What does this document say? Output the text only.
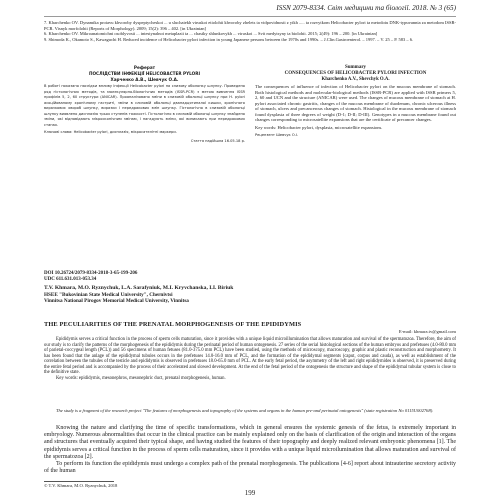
ISSN 2079-8334. Світ медицини та біології. 2018. № 3 (65)

7. Kharchenko OV. Dynamika proiavu khvoroby dyspeptycheskoi ... u sluchaiekh viruskoi etiolohii khvoroby zhelets ta vidpovidnosti z yikh ..... ta rozvytkom Helicobacter pylori ta metodoiu DNK-typuvannia za metodom ISSR-PCR. Visnyk morfolohii (Reports of Morphology). 2009; 15(2): 396 – 402. [in Ukrainian]

6. Kharchenko OV. Mikroanatomichni osoblyvosti ... intestynalnoi metaplazii ta ... chastky shlunkovykh ... viruskoi ... Svit medytsyny ta biolohii. 2015; 2(49): 196 – 200. [in Ukrainian]

9. Shimoda K., Okamoto S., Kawaguchi H. Reduced incidence of Helicobacter pylori infection in young Japanese persons between the 1970s and 1990s. – J.Clin.Gastroenterol. – 1997. – V. 25 – P. 583 – 6.

Реферат

ПОСЛІДСТВИ ІНФЕКЦІЇ HELICOBACTER PYLORI

Харченко А.В., Шевчук О.А.

В роботі показано наслідки впливу інфекції Helicobacter pylori на слизову оболонку шлунку. Проведено ряд гістологічних методів, та молекулярно-біологічних методів (ISSR-PCR) з метою вивчення ISSR профілів 5, 2, 60 структури (ANICAR). Проаналізовано зміни в слизовій оболонці шлунку при Н. pylori асоційованому хронічному гастриті, зміни в слизовій оболонці дванадцятипалої кишки, хронічного виразкових хвороб шлунку, виразки і передракових змін шлунку. Гістологічно в слизовій оболонці шлунку виявлено дисплазію трьох ступенів тяжкості. Гістологічно в слизовій оболонці шлунку знайдено зміни, які відповідають мікроскопічним змінам, і нагадують зміни, які виникають при передракових станах.

Ключові слова: Helicobacter pylori, дисплазія, мікросателітні маркери.

Стаття надійшла 16.05.18 р.

Summary

CONSEQUENCES OF HELICOBACTER PYLORI INFECTION

Kharchenko A.V., Shevchyk O.A.

The consequences of influence of infection of Helicobacter pylori on the mucous membrane of stomach. Both histological methods and molecular-biological methods (ISSR-PCR) are applied with ISSR primers 5, 2, 60 and UCN and the structure (ANICAR) were used. The changes of mucous membrane of stomach at H. pylori associated chronic gastritis, changes of the mucous membrane of duodenum, chronic ulcerous illness of stomach, ulcers and precancerous changes of stomach. Histological in the mucous membrane of stomach found dysplasia of three degrees of weight (D-1; D-II; D-III). Genotypes in a mucous membrane found out changes corresponding to microsatellite expansions that are the certificate of precancer changes.

Key words: Helicobacter pylori, dysplasia, microsatellite expansions.

Рецензент Шевчук О.І.

DOI 10.26724/2079-8334-2018-3-65-199-206

UDC 611.631.013-053.34

T.V. Khmara, M.O. Ryznychuk, L.A. Sarafyniuk, M.I. Kryvchanska, I.I. Biriuk

HSEE "Bukovinian State Medical University", Chernivtsi

Vinnitsa National Pirogov Memorial Medical University, Vinnitsa

THE PECULIARITIES OF THE PRENATAL MORPHOGENESIS OF THE EPIDIDYMIS
E-mail: khmara.tv@gmail.com

Epididymis serves a critical function in the process of sperm cells maturation, since it provides with a unique liquid microillumination that allows maturation and survival of the spermatozoa. Therefore, the aim of our study is to clarify the patterns of the morphogenesis of the epididymis during the perinatal period of human ontogenesis. 27 series of the serial histological sections of the human embryos and prefetuses (4.0-80.0 mm of parietal-coccygeal length (PCL)) and 56 specimens of human fetuses (81.0-375.0 mm PCL) have been studied, using the methods of microscopy, macroscopy, graphic and plastic reconstruction and morphometry. It has been found that the anlage of the epididymal tubules occurs in the prefetuses 14.0-16.0 mm of PCL, and the formation of the epididymal segments (caput, corpus and cauda), as well as establishment of the correlation between the tubules of the testicle and epididymis is observed in prefetuses 18.0-65.0 mm of PCL. At the early fetal period, the asymmetry of the left and right epididymides is observed, it is preserved during the entire fetal period and is accompanied by the process of their accelerated and slowed development. At the end of the fetal period of the ontogenesis the structure and shape of the epididymal tubular system is close to the definitive state.

Key words: epididymis, mesonephros, mesonephric duct, prenatal morphogenesis, human.

The study is a fragment of the research project "The features of morphogenesis and topography of the systems and organs in the human pre-and perinatal ontogenesis" (state registration No 0115U002768).

Knowing the nature and clarifying the time of specific transformations, which in general ensures the systemic genesis of the fetus, is extremely important in embryology. Numerous abnormalities that occur in the clinical practice can be mainly explained only on the basis of clarification of the origin and interaction of the organs and structures that eventually acquired their typical shape, and having studied the features of their topography and deeply realized relevant embryonic phenomena [1]. The epididymis serves a critical function in the process of sperm cells maturation, since it provides with a unique liquid microilumination that allows maturation and survival of the spermatozoa [2].

To perform its function the epididymis must undergo a complex path of the prenatal morphogenesis. The publications [4-6] report about intrauterine secretory activity of the human

© T.V. Khmara, M.O. Ryznychuk, 2018
199
